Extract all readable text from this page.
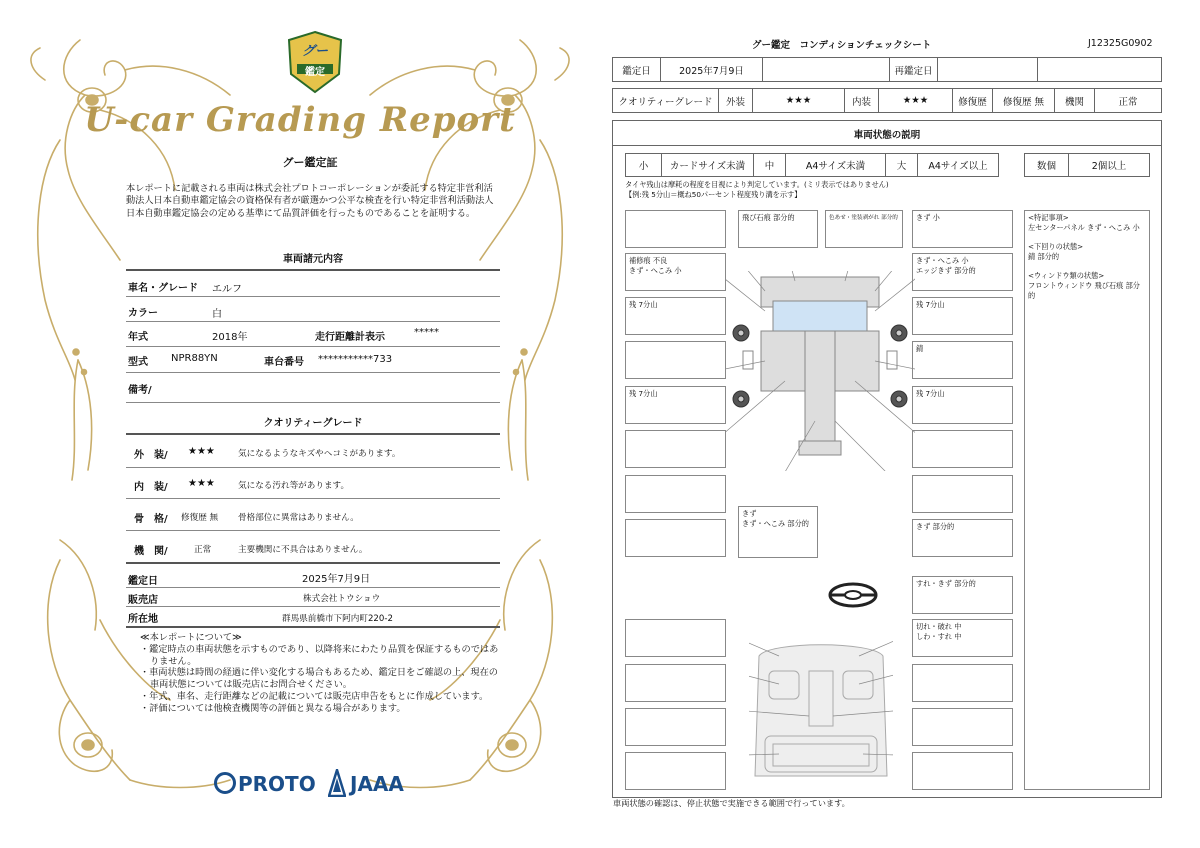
グー
鑑定
U-car Grading Report
グー鑑定証
本レポートに記載される車両は株式会社プロトコーポレーションが委託する特定非営利活動法人日本自動車鑑定協会の資格保有者が厳選かつ公平な検査を行い特定非営利活動法人日本自動車鑑定協会の定める基準にて品質評価を行ったものであることを証明する。
車両諸元内容
車名・グレード エルフ
カラー	白
年式	2018年	走行距離計表示	*****
型式 NPR88YN	車台番号 ***********733
備考/
クオリティーグレード
外　装/ ★★★	気になるようなキズやヘコミがあります。
内　装/ ★★★	気になる汚れ等があります。
骨　格/ 修復歴 無 骨格部位に異常はありません。
機　関/	正常	主要機関に不具合はありません。
鑑定日	2025年7月9日
販売店	株式会社トウショウ
所在地	群馬県前橋市下阿内町220-2
≪本レポートについて≫
・鑑定時点の車両状態を示すものであり、以降将来にわたり品質を保証するものではありません。
・車両状態は時間の経過に伴い変化する場合もあるため、鑑定日をご確認の上、現在の車両状態については販売店にお問合せください。
・年式、車名、走行距離などの記載については販売店申告をもとに作成しています。
・評価については他検査機関等の評価と異なる場合があります。
PROTO JAAA
グー鑑定　コンディションチェックシート	J12325G0902
鑑定日	2025年7月9日	再鑑定日
クオリティーグレード	外装	★★★	内装	★★★	修復歴	修復歴 無	機関	正常
車両状態の説明
小	カードサイズ未満	中	A4サイズ未満	大	A4サイズ以上	数個	2個以上
タイヤ残山は摩耗の程度を目視により判定しています。(ミリ表示ではありません)
【例:残 5分山＝概ね50パーセント程度残り溝を示す】
補修痕 不良
きず・へこみ 小
残 7分山
残 7分山
飛び石痕 部分的	色あせ・塗装剥がれ 部分的
きず
きず・へこみ 部分的
きず 小
きず・へこみ 小
エッジきず 部分的
残 7分山
錆
残 7分山
きず 部分的
すれ・きず 部分的
切れ・破れ 中
しわ・すれ 中
<特記事項>
左センターパネル きず・へこみ 小
<下回りの状態>
錆 部分的
<ウィンドウ類の状態>
フロントウィンドウ 飛び石痕 部分的
車両状態の確認は、停止状態で実施できる範囲で行っています。
